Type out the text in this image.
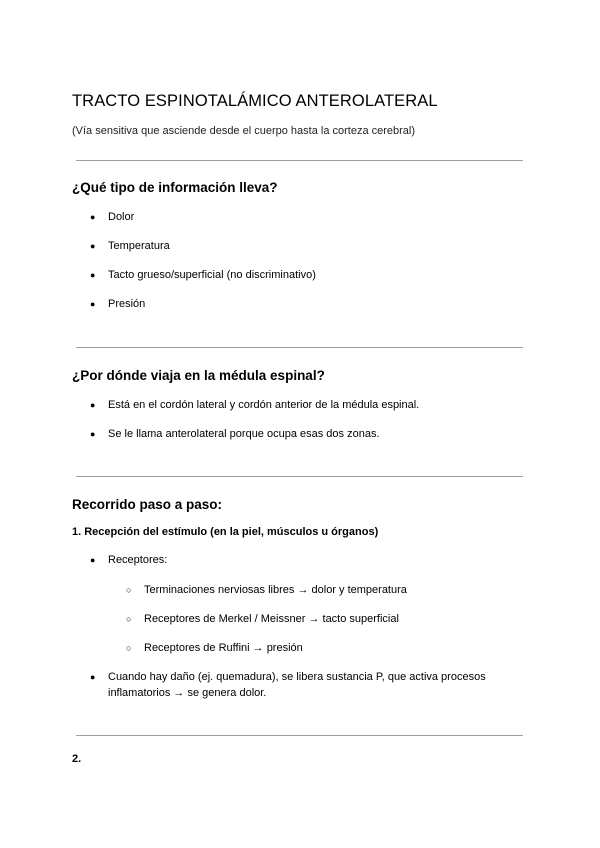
TRACTO ESPINOTALÁMICO ANTEROLATERAL

(Vía sensitiva que asciende desde el cuerpo hasta la corteza cerebral)

¿Qué tipo de información lleva?
● Dolor
● Temperatura
● Tacto grueso/superficial (no discriminativo)
● Presión
¿Por dónde viaja en la médula espinal?
● Está en el cordón lateral y cordón anterior de la médula espinal.
● Se le llama anterolateral porque ocupa esas dos zonas.
Recorrido paso a paso:
1. Recepción del estímulo (en la piel, músculos u órganos)
● Receptores:
○ Terminaciones nerviosas libres → dolor y temperatura
○ Receptores de Merkel / Meissner → tacto superficial
○ Receptores de Ruffini → presión
● Cuando hay daño (ej. quemadura), se libera sustancia P, que activa procesos inflamatorios → se genera dolor.
2.
